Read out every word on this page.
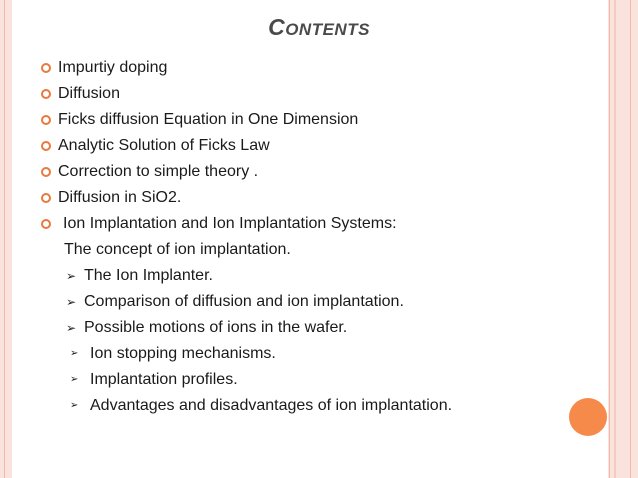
CONTENTS
Impurtiy doping
Diffusion
Ficks diffusion Equation in One Dimension
Analytic Solution of Ficks Law
Correction to simple theory .
Diffusion in SiO2.
Ion Implantation and Ion Implantation Systems:
The concept of ion implantation.
➢ The Ion Implanter.
➢ Comparison of diffusion and ion implantation.
➢ Possible motions of ions in the wafer.
➢ Ion stopping mechanisms.
➢ Implantation profiles.
➢ Advantages and disadvantages of ion implantation.
